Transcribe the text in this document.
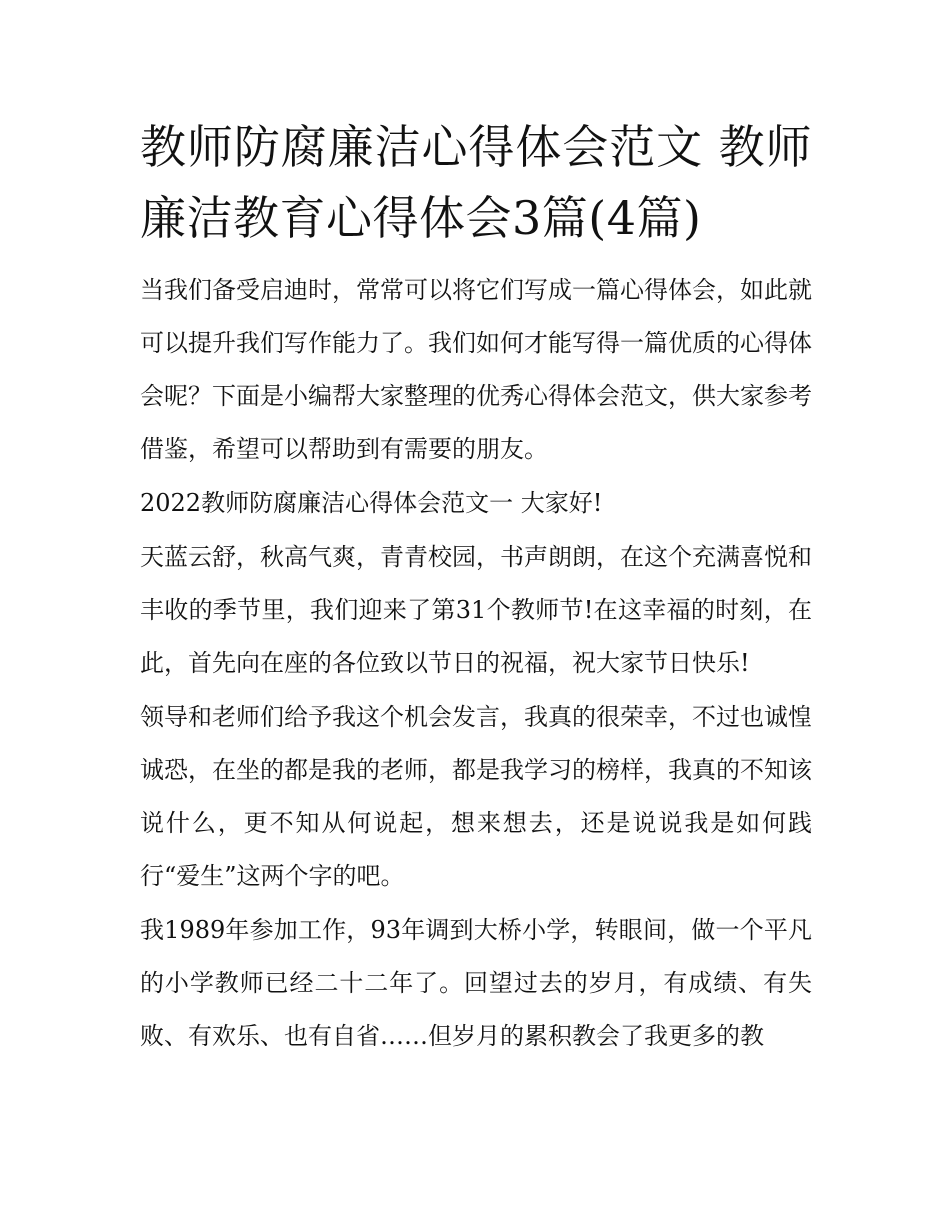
教师防腐廉洁心得体会范文 教师廉洁教育心得体会3篇(4篇)

当我们备受启迪时，常常可以将它们写成一篇心得体会，如此就可以提升我们写作能力了。我们如何才能写得一篇优质的心得体会呢？下面是小编帮大家整理的优秀心得体会范文，供大家参考借鉴，希望可以帮助到有需要的朋友。

2022教师防腐廉洁心得体会范文一 大家好!

天蓝云舒，秋高气爽，青青校园，书声朗朗，在这个充满喜悦和丰收的季节里，我们迎来了第31个教师节!在这幸福的时刻，在此，首先向在座的各位致以节日的祝福，祝大家节日快乐!

领导和老师们给予我这个机会发言，我真的很荣幸，不过也诚惶诚恐，在坐的都是我的老师，都是我学习的榜样，我真的不知该说什么，更不知从何说起，想来想去，还是说说我是如何践行“爱生”这两个字的吧。

我1989年参加工作，93年调到大桥小学，转眼间，做一个平凡的小学教师已经二十二年了。回望过去的岁月，有成绩、有失败、有欢乐、也有自省……但岁月的累积教会了我更多的教
